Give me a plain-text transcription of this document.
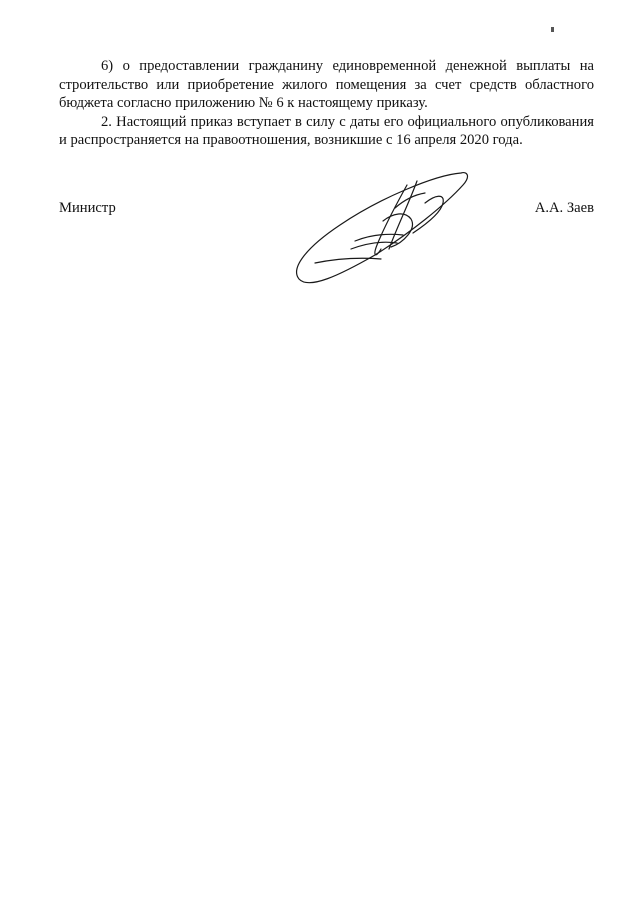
6) о предоставлении гражданину единовременной денежной выплаты на строительство или приобретение жилого помещения за счет средств областного бюджета согласно приложению № 6 к настоящему приказу.

2. Настоящий приказ вступает в силу с даты его официального опубликования и распространяется на правоотношения, возникшие с 16 апреля 2020 года.

Министр	А.А. Заев
